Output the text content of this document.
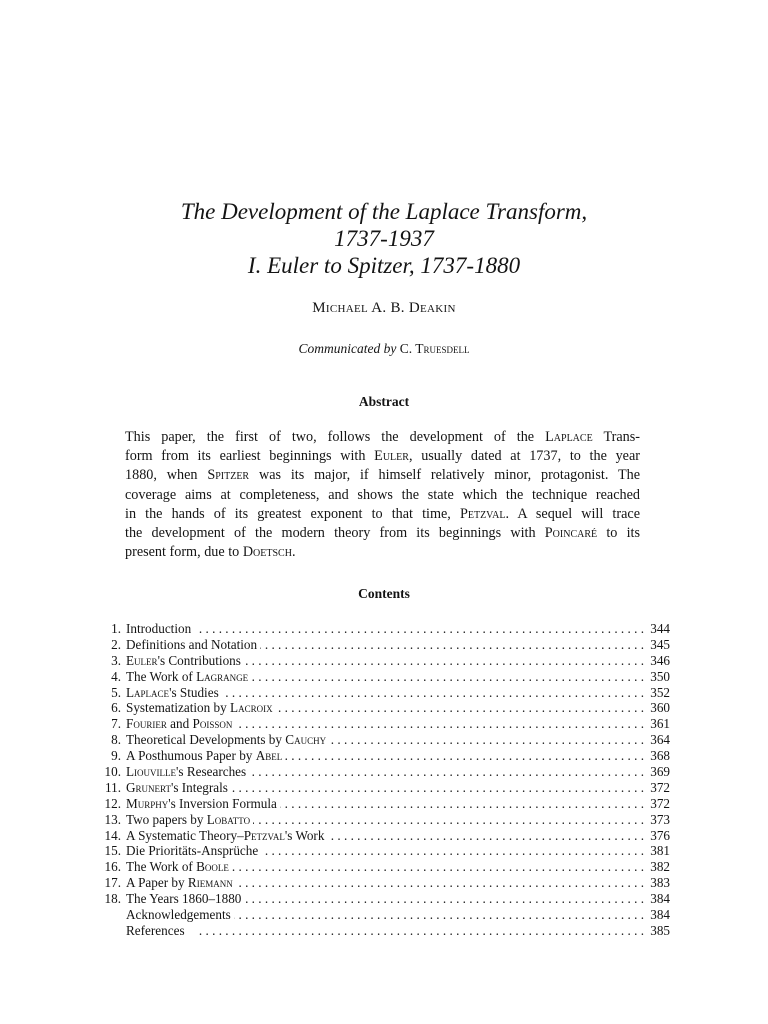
The Development of the Laplace Transform,

1737-1937

I. Euler to Spitzer, 1737-1880

Michael A. B. Deakin
Communicated by C. Truesdell
Abstract
This paper, the first of two, follows the development of the Laplace Trans-
form from its earliest beginnings with Euler, usually dated at 1737, to the year
1880, when Spitzer was its major, if himself relatively minor, protagonist. The
coverage aims at completeness, and shows the state which the technique reached
in the hands of its greatest exponent to that time, Petzval. A sequel will trace
the development of the modern theory from its beginnings with Poincaré to its
present form, due to Doetsch.
Contents
1. Introduction . . .	344
2. Definitions and Notation . . .	345
3. Euler's Contributions . . .	346
4. The Work of Lagrange . . .	350
5. Laplace's Studies . . .	352
6. Systematization by Lacroix . . .	360
7. Fourier and Poisson . . .	361
8. Theoretical Developments by Cauchy . . .	364
9. A Posthumous Paper by Abel . . .	368
10. Liouville's Researches . . .	369
11. Grunert's Integrals . . .	372
12. Murphy's Inversion Formula . . .	372
13. Two papers by Lobatto . . .	373
14. A Systematic Theory–Petzval's Work . . .	376
15. Die Prioritäts-Ansprüche . . .	381
16. The Work of Boole . . .	382
17. A Paper by Riemann . . .	383
18. The Years 1860–1880 . . .	384
Acknowledgements . . .	384
References . . .	385
